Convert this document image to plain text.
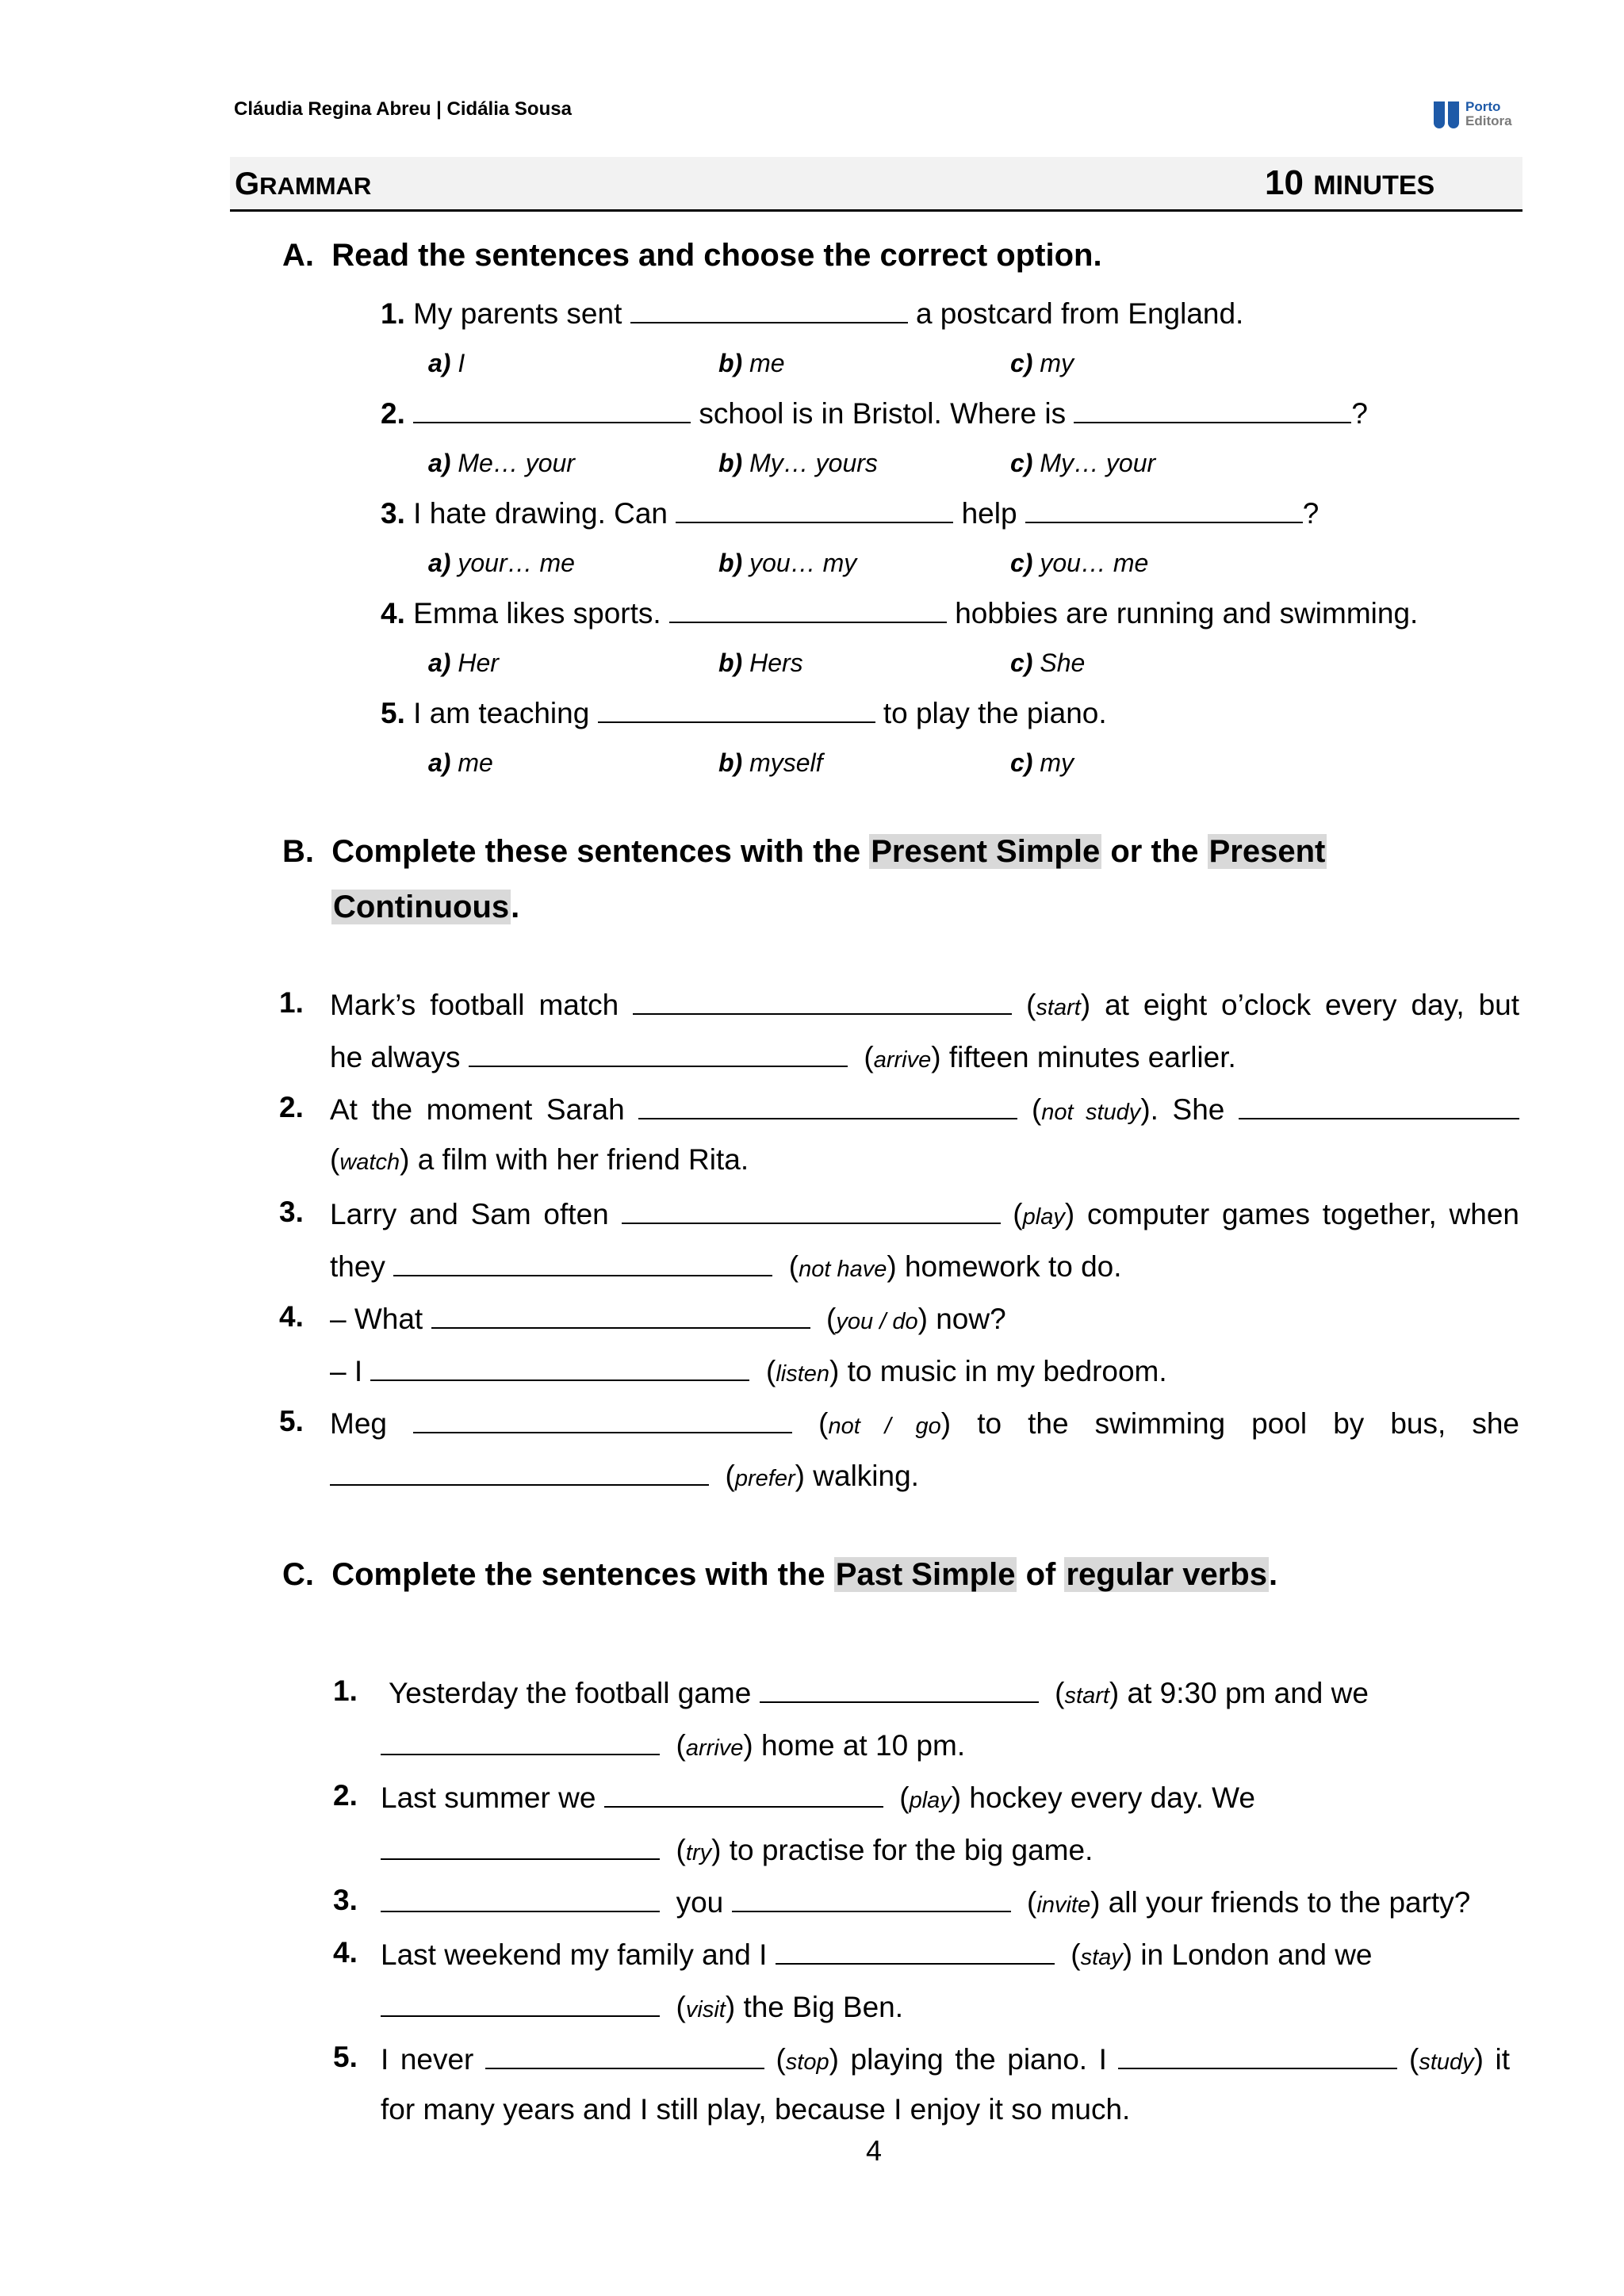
Cláudia Regina Abreu | Cidália Sousa	Porto
Editora
GRAMMAR	10 MINUTES
A. Read the sentences and choose the correct option.
1. My parents sent	a postcard from England.
a) I	b) me	c) my
2.	school is in Bristol. Where is	?
a) Me… your	b) My… yours	c) My… your
3. I hate drawing. Can	help	?
a) your… me	b) you… my	c) you… me
4. Emma likes sports.	hobbies are running and swimming.
a) Her	b) Hers	c) She
5. I am teaching	to play the piano.
a) me	b) myself	c) my
B. Complete these sentences with the Present Simple or the Present
Continuous.
1. Mark’s football match	(start) at eight o’clock every day, but
he always	(arrive) fifteen minutes earlier.
2. At the moment Sarah	(not study). She
(watch) a film with her friend Rita.
3. Larry and Sam often	(play) computer games together, when
they	(not have) homework to do.
4. – What	(you / do) now?
– I	(listen) to music in my bedroom.
5. Meg	(not / go) to the swimming pool by bus, she
(prefer) walking.
C. Complete the sentences with the Past Simple of regular verbs.
1. Yesterday the football game	(start) at 9:30 pm and we
(arrive) home at 10 pm.
2. Last summer we	(play) hockey every day. We
(try) to practise for the big game.
3.	you	(invite) all your friends to the party?
4. Last weekend my family and I	(stay) in London and we
(visit) the Big Ben.
5. I never	(stop) playing the piano. I	(study) it
for many years and I still play, because I enjoy it so much.
4
